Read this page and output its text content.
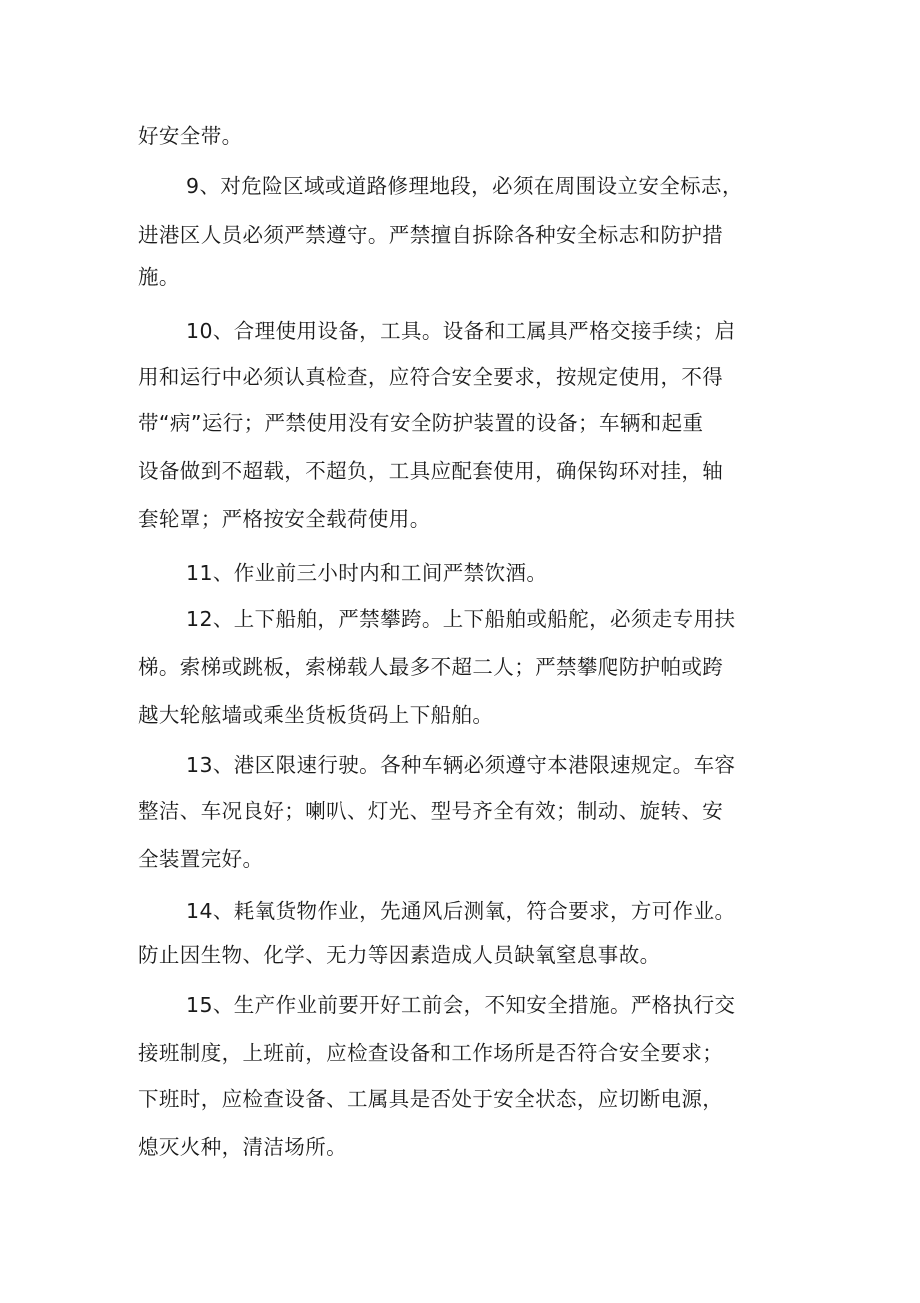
好安全带。
9、对危险区域或道路修理地段，必须在周围设立安全标志，
进港区人员必须严禁遵守。严禁擅自拆除各种安全标志和防护措
施。
10、合理使用设备，工具。设备和工属具严格交接手续；启
用和运行中必须认真检查，应符合安全要求，按规定使用，不得
带“病”运行；严禁使用没有安全防护装置的设备；车辆和起重
设备做到不超载，不超负，工具应配套使用，确保钩环对挂，轴
套轮罩；严格按安全载荷使用。
11、作业前三小时内和工间严禁饮酒。
12、上下船舶，严禁攀跨。上下船舶或船舵，必须走专用扶
梯。索梯或跳板，索梯载人最多不超二人；严禁攀爬防护帕或跨
越大轮舷墙或乘坐货板货码上下船舶。
13、港区限速行驶。各种车辆必须遵守本港限速规定。车容
整洁、车况良好；喇叭、灯光、型号齐全有效；制动、旋转、安
全装置完好。
14、耗氧货物作业，先通风后测氧，符合要求，方可作业。
防止因生物、化学、无力等因素造成人员缺氧窒息事故。
15、生产作业前要开好工前会，不知安全措施。严格执行交
接班制度，上班前，应检查设备和工作场所是否符合安全要求；
下班时，应检查设备、工属具是否处于安全状态，应切断电源，
熄灭火种，清洁场所。
